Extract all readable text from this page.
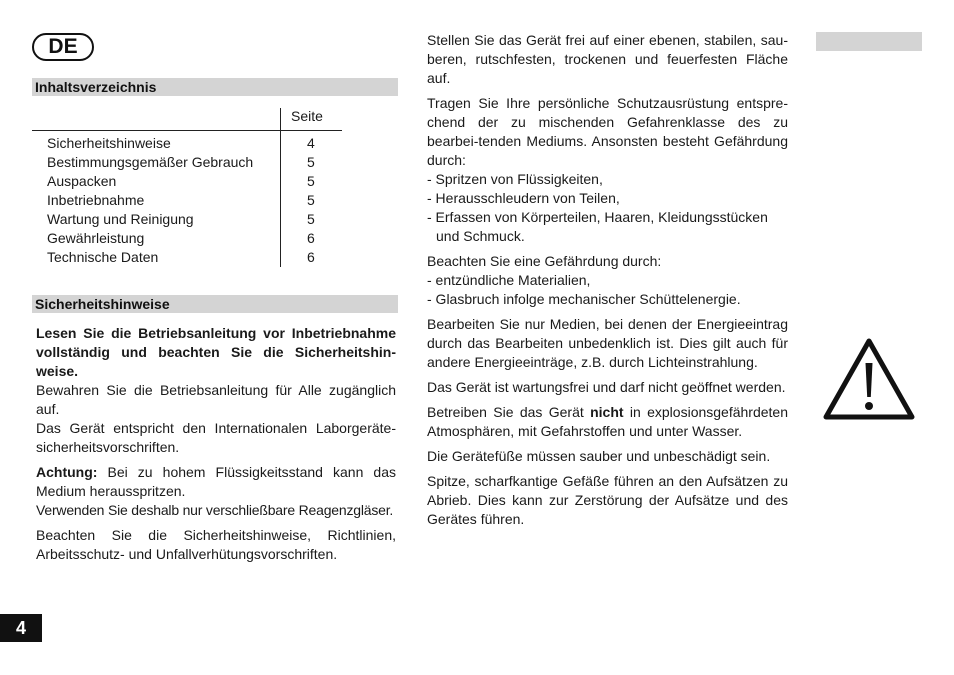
DE
Inhaltsverzeichnis
Seite
Sicherheitshinweise	4
Bestimmungsgemäßer Gebrauch	5
Auspacken	5
Inbetriebnahme	5
Wartung und Reinigung	5
Gewährleistung	6
Technische Daten	6
Sicherheitshinweise

Lesen Sie die Betriebsanleitung vor Inbetriebnahme vollständig und beachten Sie die Sicherheitshin-weise.

Bewahren Sie die Betriebsanleitung für Alle zugänglich auf.

Das Gerät entspricht den Internationalen Laborgeräte-sicherheitsvorschriften.

Achtung: Bei zu hohem Flüssigkeitsstand kann das Medium herausspritzen.

Verwenden Sie deshalb nur verschließbare Reagenzgläser.

Beachten Sie die Sicherheitshinweise, Richtlinien, Arbeitsschutz- und Unfallverhütungsvorschriften.

Stellen Sie das Gerät frei auf einer ebenen, stabilen, sau-beren, rutschfesten, trockenen und feuerfesten Fläche auf.

Tragen Sie Ihre persönliche Schutzausrüstung entspre-chend der zu mischenden Gefahrenklasse des zu bearbei-tenden Mediums. Ansonsten besteht Gefährdung durch:

- Spritzen von Flüssigkeiten,
- Herausschleudern von Teilen,
- Erfassen von Körperteilen, Haaren, Kleidungsstücken
und Schmuck.

Beachten Sie eine Gefährdung durch:

- entzündliche Materialien,
- Glasbruch infolge mechanischer Schüttelenergie.

Bearbeiten Sie nur Medien, bei denen der Energieeintrag durch das Bearbeiten unbedenklich ist. Dies gilt auch für andere Energieeinträge, z.B. durch Lichteinstrahlung.

Das Gerät ist wartungsfrei und darf nicht geöffnet werden.

Betreiben Sie das Gerät nicht in explosionsgefährdeten Atmosphären, mit Gefahrstoffen und unter Wasser.

Die Gerätefüße müssen sauber und unbeschädigt sein.

Spitze, scharfkantige Gefäße führen an den Aufsätzen zu Abrieb. Dies kann zur Zerstörung der Aufsätze und des Gerätes führen.

4
